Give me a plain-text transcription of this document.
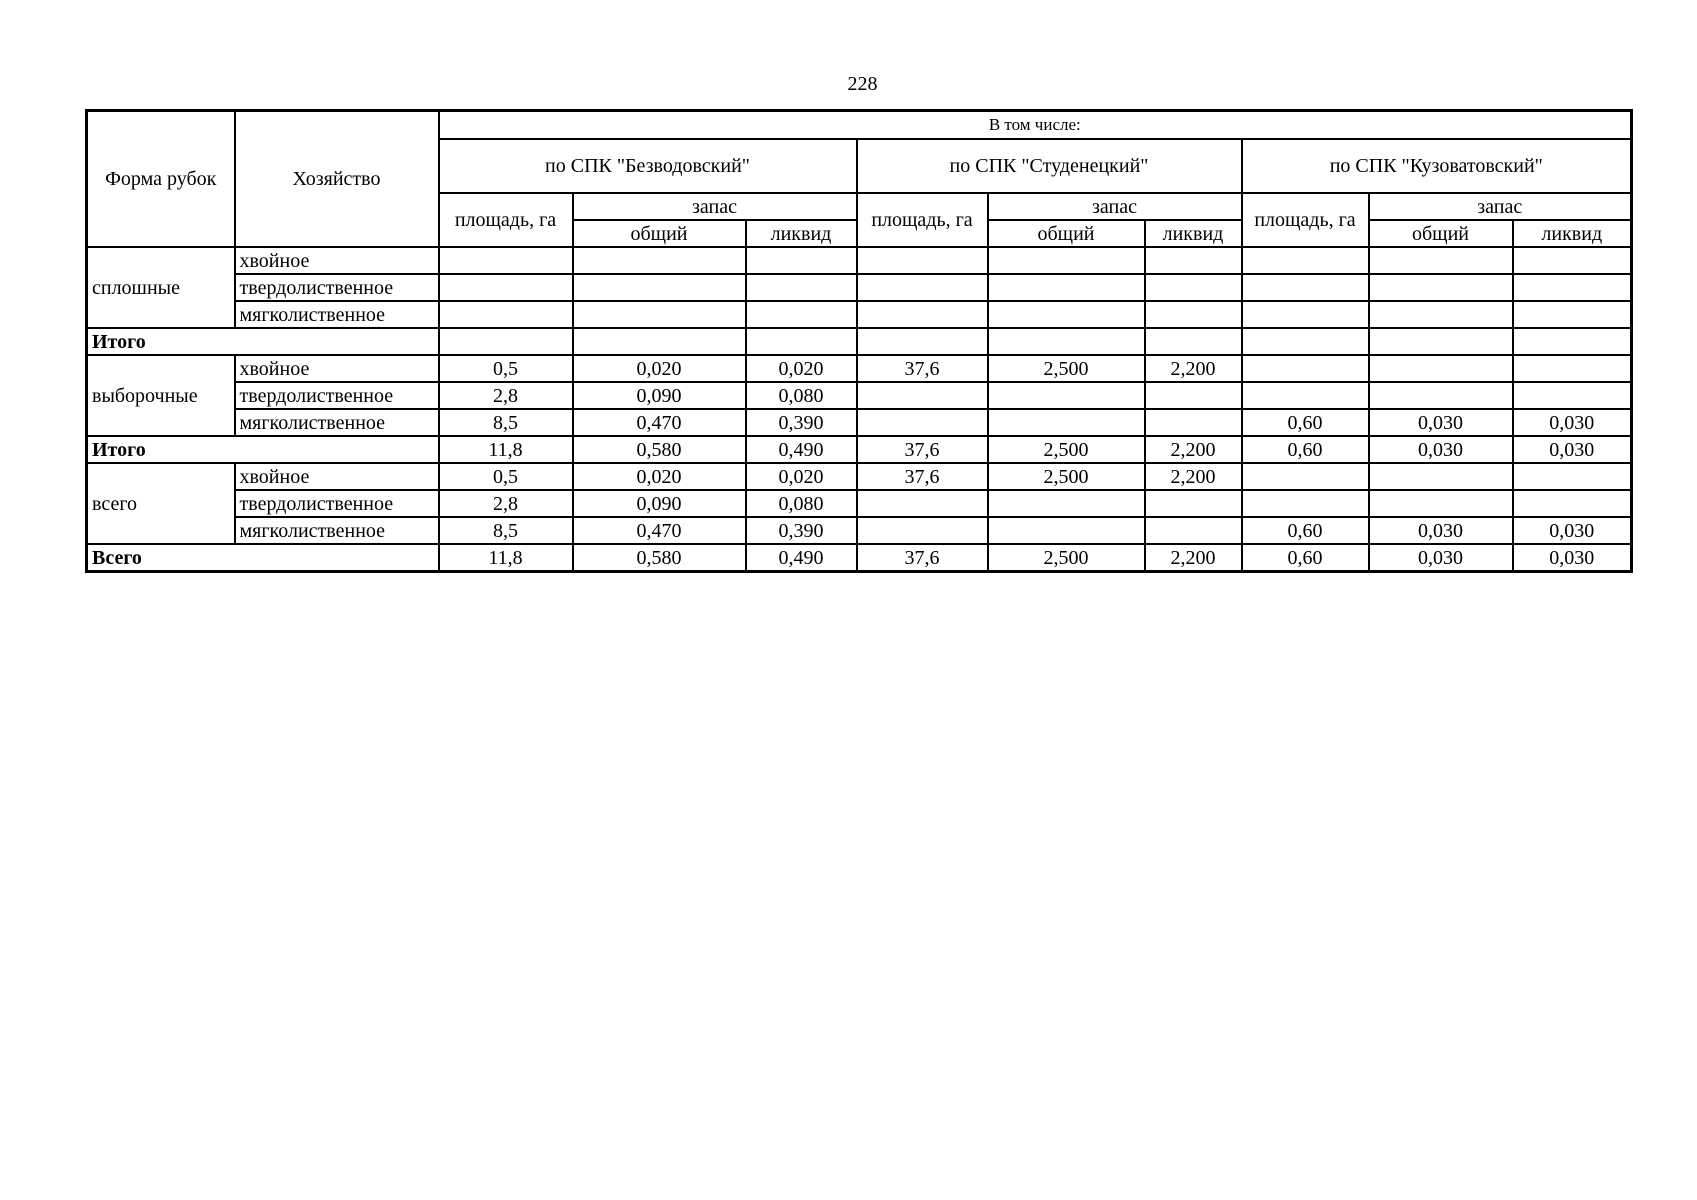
228
Форма рубок	Хозяйство	В том числе:								
		по СПК "Безводовский"			по СПК "Студенецкий"			по СПК "Кузоватовский"		
		площадь, га	запас		площадь, га	запас		площадь, га	запас	
			общий	ликвид		общий	ликвид		общий	ликвид
сплошные	хвойное									
	твердолиственное									
	мягколиственное									
Итого										
выборочные	хвойное	0,5	0,020	0,020	37,6	2,500	2,200			
	твердолиственное	2,8	0,090	0,080						
	мягколиственное	8,5	0,470	0,390				0,60	0,030	0,030
Итого		11,8	0,580	0,490	37,6	2,500	2,200	0,60	0,030	0,030
всего	хвойное	0,5	0,020	0,020	37,6	2,500	2,200			
	твердолиственное	2,8	0,090	0,080						
	мягколиственное	8,5	0,470	0,390				0,60	0,030	0,030
Всего		11,8	0,580	0,490	37,6	2,500	2,200	0,60	0,030	0,030
